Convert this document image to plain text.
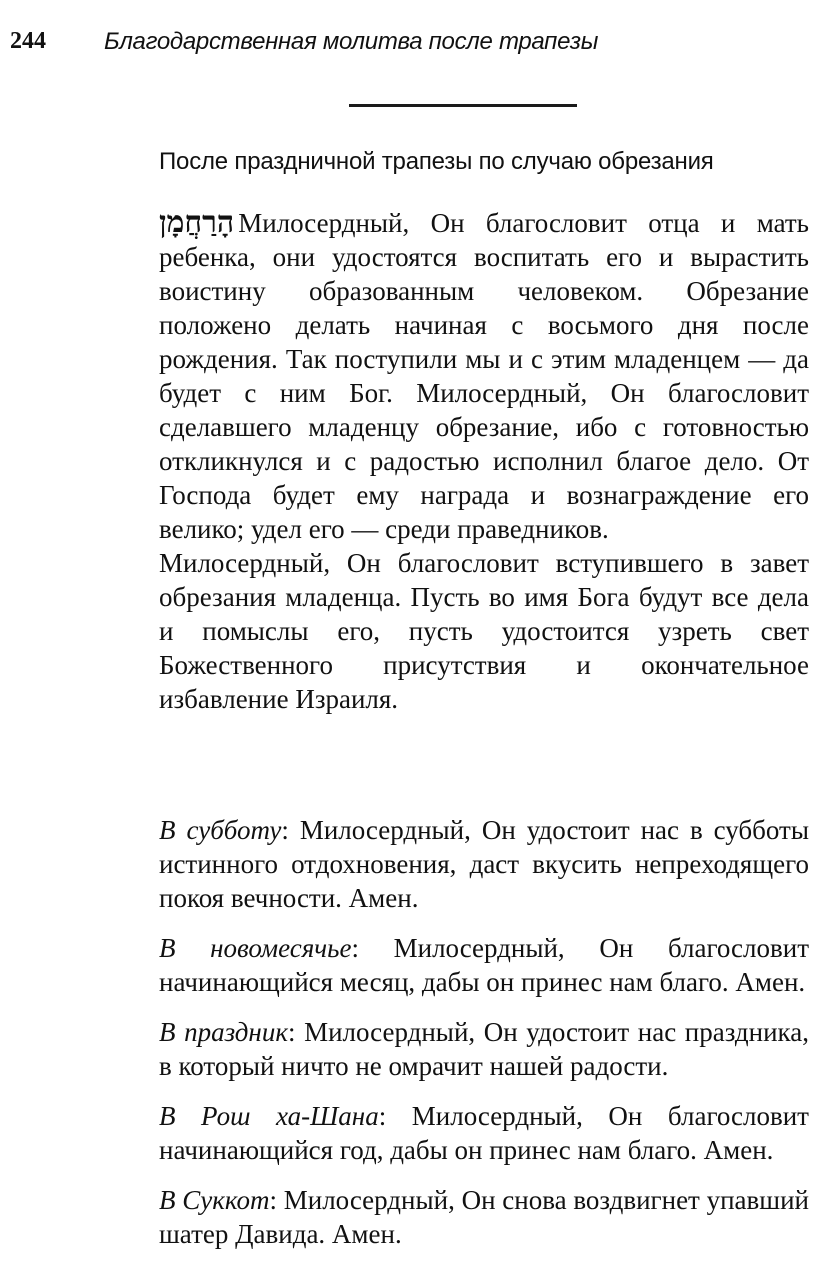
244 Благодарственная молитва после трапезы
После праздничной трапезы по случаю обрезания

הָרַחֲמָן Милосердный, Он благословит отца и мать ребенка, они удостоятся воспитать его и вырастить воистину образованным человеком. Обрезание положено делать начиная с восьмого дня после рождения. Так поступили мы и с этим младенцем — да будет с ним Бог. Милосердный, Он благословит сделавшего младенцу обрезание, ибо с готовностью откликнулся и с радостью исполнил благое дело. От Господа будет ему награда и вознаграждение его велико; удел его — среди праведников.

Милосердный, Он благословит вступившего в завет обрезания младенца. Пусть во имя Бога будут все дела и помыслы его, пусть удостоится узреть свет Божественного присутствия и окончательное избавление Израиля.

В субботу: Милосердный, Он удостоит нас в субботы истинного отдохновения, даст вкусить непреходящего покоя вечности. Амен.

В новомесячье: Милосердный, Он благословит начинающийся месяц, дабы он принес нам благо. Амен.

В праздник: Милосердный, Он удостоит нас праздника, в который ничто не омрачит нашей радости.

В Рош ха-Шана: Милосердный, Он благословит начинающийся год, дабы он принес нам благо. Амен.

В Суккот: Милосердный, Он снова воздвигнет упавший шатер Давида. Амен.
